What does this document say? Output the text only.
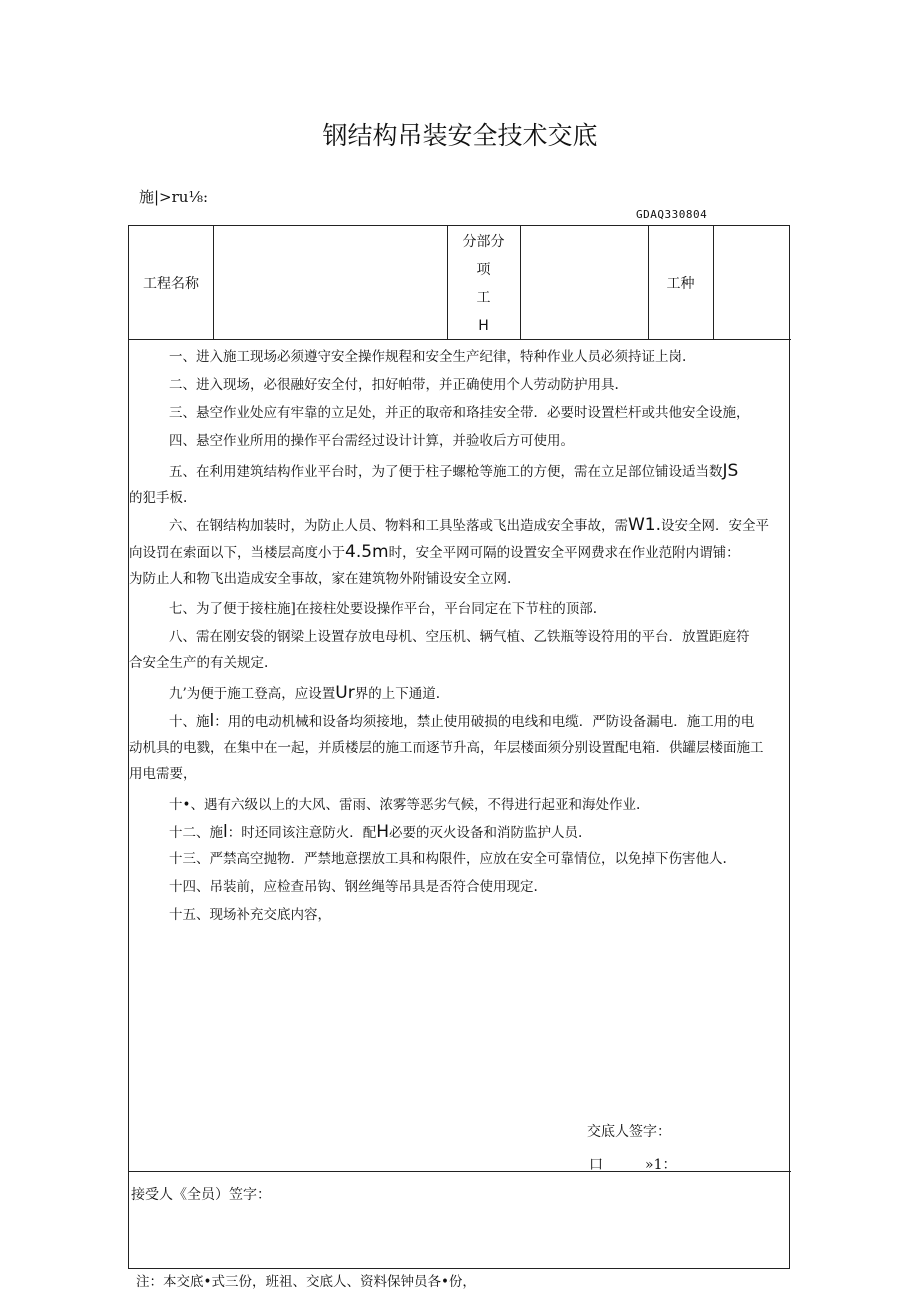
钢结构吊装安全技术交底
施|>ru⅛:
GDAQ330804
工程名称
分部分
项
工
H
工种
一、进入施工现场必须遵守安全操作规程和安全生产纪律，特种作业人员必须持证上岗.
二、进入现场，必很融好安全付，扣好帕带，并正确使用个人劳动防护用具.
三、悬空作业处应有牢靠的立足处，并正的取帝和珞挂安全带．必要时设置栏杆或共他安全设施，
四、悬空作业所用的操作平台需经过设计计算，并验收后方可使用。
五、在利用建筑结构作业平台时，为了便于柱子螺枪等施工的方便，需在立足部位铺设适当数JS
的犯手板.
六、在钢结构加装时，为防止人员、物料和工具坠落或飞出造成安全事故，需W1.设安全网．安全平
向设罚在索面以下，当楼层高度小于4.5m时，安全平网可隔的设置安全平网费求在作业范附内谓铺：
为防止人和物飞出造成安全事故，家在建筑物外附铺设安全立网.
七、为了便于接柱施]在接柱处要设操作平台，平台同定在下节柱的顶部.
八、需在刚安袋的钢梁上设置存放电母机、空压机、辆气植、乙铁瓶等设符用的平台．放置距庭符
合安全生产的有关规定.
九’为便于施工登高，应设置Ur界的上下通道.
十、施l：用的电动机械和设备均须接地，禁止使用破损的电线和电缆．严防设备漏电．施工用的电
动机具的电戮，在集中在一起，并质楼层的施工而逐节升高，年层楼面须分别设置配电箱．供罐层楼面施工
用电需要，
十•、遇有六级以上的大风、雷雨、浓雾等恶劣气候，不得进行起亚和海处作业.
十二、施l：时还同该注意防火．配H必要的灭火设备和消防监护人员.
十三、严禁高空抛物．严禁地意摆放工具和构限件，应放在安全可靠情位，以免掉下伤害他人.
十四、吊装前，应检查吊钩、钢丝绳等吊具是否符合使用现定.
十五、现场补充交底内容，
交底人签字：
口	»1：
接受人《全员）笠字：
注：本交底•式三份，班祖、交底人、资料保钟员各•份，
